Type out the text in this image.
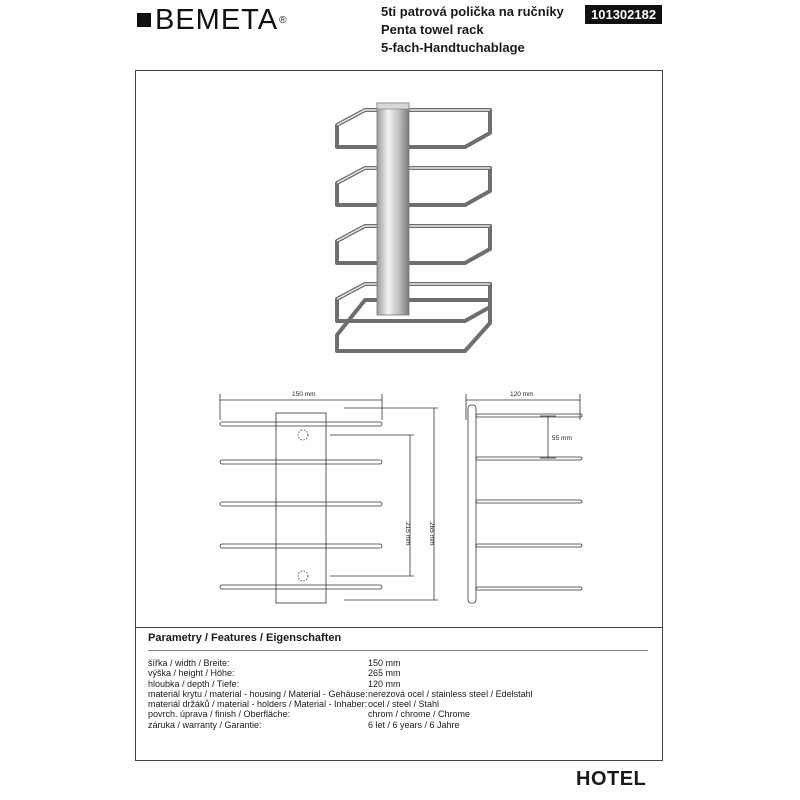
BEMETA ®
5ti patrová polička na ručníky
Penta towel rack
5-fach-Handtuchablage
101302182
150 mm	120 mm
55 mm
215 mm	265 mm
Parametry / Features / Eigenschaften
šířka / width / Breite:	150 mm
výška / height / Höhe:	265 mm
hloubka / depth / Tiefe:	120 mm
materiál krytu / material - housing / Material - Gehäuse: nerezová ocel / stainless steel / Edelstahl
materiál držáků / material - holders / Material - Inhaber: ocel / steel / Stahl
povrch. úprava / finish / Oberfläche:	chrom / chrome / Chrome
záruka / warranty / Garantie:	6 let / 6 years / 6 Jahre
HOTEL
